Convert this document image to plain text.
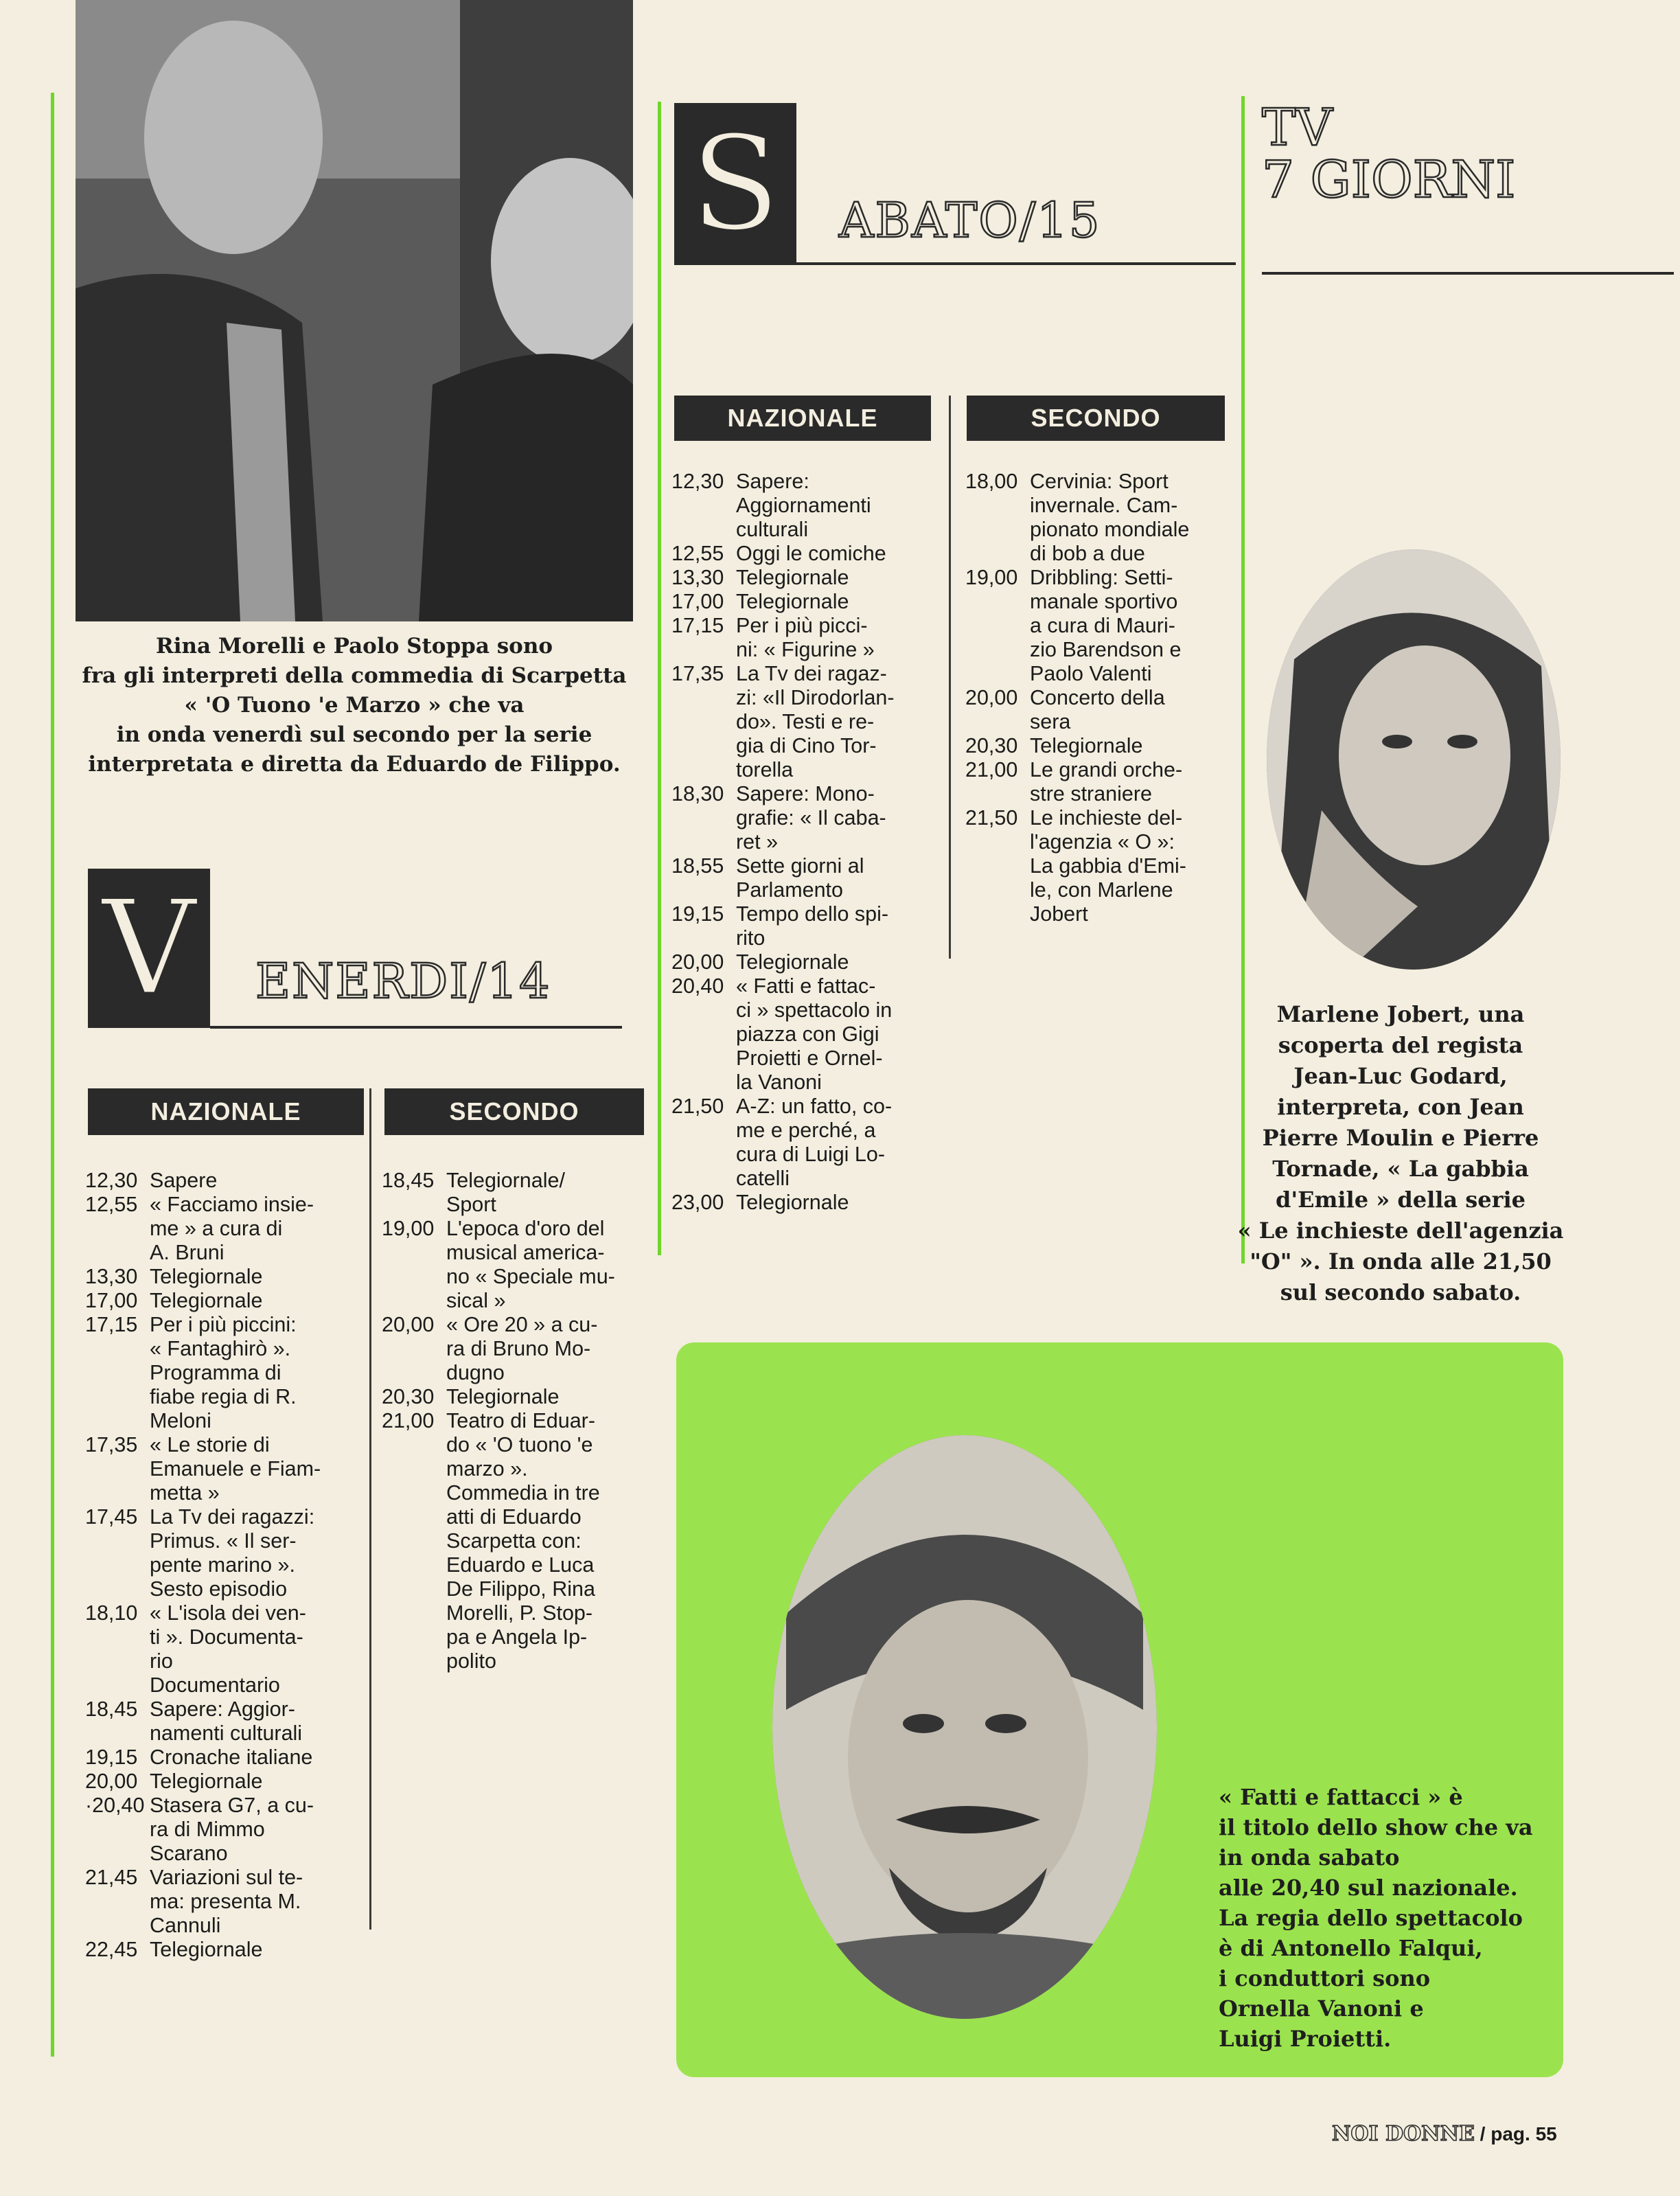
Rina Morelli e Paolo Stoppa sono
fra gli interpreti della commedia di Scarpetta
« 'O Tuono 'e Marzo » che va
in onda venerdì sul secondo per la serie
interpretata e diretta da Eduardo de Filippo.
V ENERDI/14
NAZIONALE	SECONDO
12,30 Sapere
12,55 « Facciamo insie-
me » a cura di
A. Bruni
13,30 Telegiornale
17,00 Telegiornale
17,15 Per i più piccini:
« Fantaghirò ».
Programma di
fiabe regia di R.
Meloni
17,35 « Le storie di
Emanuele e Fiam-
metta »
17,45 La Tv dei ragazzi:
Primus. « Il ser-
pente marino ».
Sesto episodio
18,10 « L'isola dei ven-
ti ». Documenta-
rio
Documentario
18,45 Sapere: Aggior-
namenti culturali
19,15 Cronache italiane
20,00 Telegiornale
·20,40 Stasera G7, a cu-
ra di Mimmo
Scarano
21,45 Variazioni sul te-
ma: presenta M.
Cannuli
22,45 Telegiornale
18,45 Telegiornale/
Sport
19,00 L'epoca d'oro del
musical america-
no « Speciale mu-
sical »
20,00 « Ore 20 » a cu-
ra di Bruno Mo-
dugno
20,30 Telegiornale
21,00 Teatro di Eduar-
do « 'O tuono 'e
marzo ».
Commedia in tre
atti di Eduardo
Scarpetta con:
Eduardo e Luca
De Filippo, Rina
Morelli, P. Stop-
pa e Angela Ip-
polito
S ABATO/15
NAZIONALE	SECONDO
12,30 Sapere:
Aggiornamenti
culturali
12,55 Oggi le comiche
13,30 Telegiornale
17,00 Telegiornale
17,15 Per i più picci-
ni: « Figurine »
17,35 La Tv dei ragaz-
zi: «Il Dirodorlan-
do». Testi e re-
gia di Cino Tor-
torella
18,30 Sapere: Mono-
grafie: « Il caba-
ret »
18,55 Sette giorni al
Parlamento
19,15 Tempo dello spi-
rito
20,00 Telegiornale
20,40 « Fatti e fattac-
ci » spettacolo in
piazza con Gigi
Proietti e Ornel-
la Vanoni
21,50 A-Z: un fatto, co-
me e perché, a
cura di Luigi Lo-
catelli
23,00 Telegiornale
18,00 Cervinia: Sport
invernale. Cam-
pionato mondiale
di bob a due
19,00 Dribbling: Setti-
manale sportivo
a cura di Mauri-
zio Barendson e
Paolo Valenti
20,00 Concerto della
sera
20,30 Telegiornale
21,00 Le grandi orche-
stre straniere
21,50 Le inchieste del-
l'agenzia « O »:
La gabbia d'Emi-
le, con Marlene
Jobert
TV
7 GIORNI
Marlene Jobert, una
scoperta del regista
Jean-Luc Godard,
interpreta, con Jean
Pierre Moulin e Pierre
Tornade, « La gabbia
d'Emile » della serie
« Le inchieste dell'agenzia
"O" ». In onda alle 21,50
sul secondo sabato.
« Fatti e fattacci » è
il titolo dello show che va
in onda sabato
alle 20,40 sul nazionale.
La regia dello spettacolo
è di Antonello Falqui,
i conduttori sono
Ornella Vanoni e
Luigi Proietti.
NOI DONNE / pag. 55
